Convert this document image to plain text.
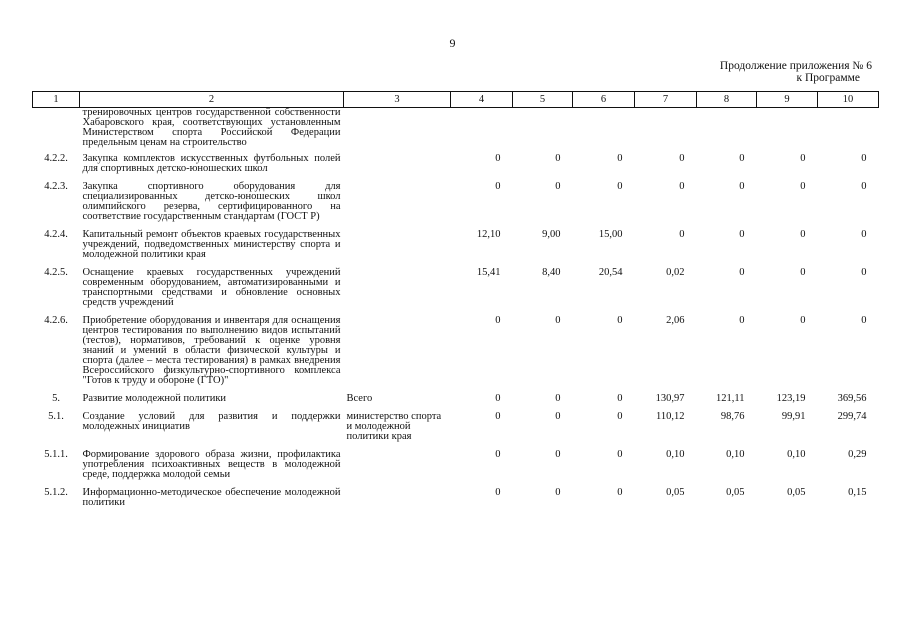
9
Продолжение приложения № 6
к Программе
1	2	3	4	5	6	7	8	9	10
	тренировочных центров государственной собственности Хабаровского края, соответствующих установленным Министерством спорта Российской Федерации предельным ценам на строительство								
4.2.2.	Закупка комплектов искусственных футбольных полей для спортивных детско-юношеских школ		0	0	0	0	0	0	0
4.2.3.	Закупка спортивного оборудования для специализированных детско-юношеских школ олимпийского резерва, сертифицированного на соответствие государственным стандартам (ГОСТ Р)		0	0	0	0	0	0	0
4.2.4.	Капитальный ремонт объектов краевых государственных учреждений, подведомственных министерству спорта и молодежной политики края		12,10	9,00	15,00	0	0	0	0
4.2.5.	Оснащение краевых государственных учреждений современным оборудованием, автоматизированными и транспортными средствами и обновление основных средств учреждений		15,41	8,40	20,54	0,02	0	0	0
4.2.6.	Приобретение оборудования и инвентаря для оснащения центров тестирования по выполнению видов испытаний (тестов), нормативов, требований к оценке уровня знаний и умений в области физической культуры и спорта (далее – места тестирования) в рамках внедрения Всероссийского физкультурно-спортивного комплекса "Готов к труду и обороне (ГТО)"		0	0	0	2,06	0	0	0
5.	Развитие молодежной политики	Всего	0	0	0	130,97	121,11	123,19	369,56
5.1.	Создание условий для развития и поддержки молодежных инициатив	министерство спорта и молодежной политики края	0	0	0	110,12	98,76	99,91	299,74
5.1.1.	Формирование здорового образа жизни, профилактика употребления психоактивных веществ в молодежной среде, поддержка молодой семьи		0	0	0	0,10	0,10	0,10	0,29
5.1.2.	Информационно-методическое обеспечение молодежной политики		0	0	0	0,05	0,05	0,05	0,15
